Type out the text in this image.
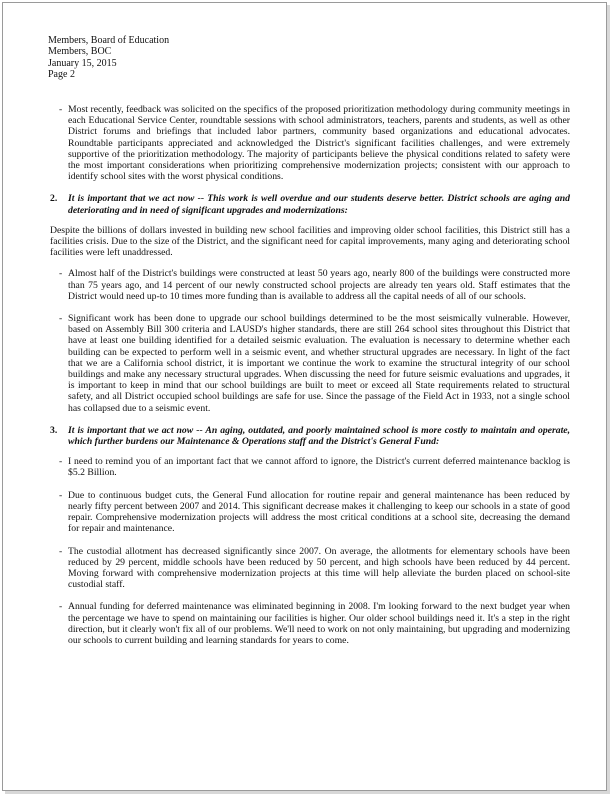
Members, Board of Education
Members, BOC
January 15, 2015
Page 2
- Most recently, feedback was solicited on the specifics of the proposed prioritization methodology during community meetings in each Educational Service Center, roundtable sessions with school administrators, teachers, parents and students, as well as other District forums and briefings that included labor partners, community based organizations and educational advocates. Roundtable participants appreciated and acknowledged the District's significant facilities challenges, and were extremely supportive of the prioritization methodology. The majority of participants believe the physical conditions related to safety were the most important considerations when prioritizing comprehensive modernization projects; consistent with our approach to identify school sites with the worst physical conditions.
2. It is important that we act now -- This work is well overdue and our students deserve better. District schools are aging and deteriorating and in need of significant upgrades and modernizations:
Despite the billions of dollars invested in building new school facilities and improving older school facilities, this District still has a facilities crisis. Due to the size of the District, and the significant need for capital improvements, many aging and deteriorating school facilities were left unaddressed.
- Almost half of the District's buildings were constructed at least 50 years ago, nearly 800 of the buildings were constructed more than 75 years ago, and 14 percent of our newly constructed school projects are already ten years old. Staff estimates that the District would need up-to 10 times more funding than is available to address all the capital needs of all of our schools.
- Significant work has been done to upgrade our school buildings determined to be the most seismically vulnerable. However, based on Assembly Bill 300 criteria and LAUSD's higher standards, there are still 264 school sites throughout this District that have at least one building identified for a detailed seismic evaluation. The evaluation is necessary to determine whether each building can be expected to perform well in a seismic event, and whether structural upgrades are necessary. In light of the fact that we are a California school district, it is important we continue the work to examine the structural integrity of our school buildings and make any necessary structural upgrades. When discussing the need for future seismic evaluations and upgrades, it is important to keep in mind that our school buildings are built to meet or exceed all State requirements related to structural safety, and all District occupied school buildings are safe for use. Since the passage of the Field Act in 1933, not a single school has collapsed due to a seismic event.
3. It is important that we act now -- An aging, outdated, and poorly maintained school is more costly to maintain and operate, which further burdens our Maintenance & Operations staff and the District's General Fund:
- I need to remind you of an important fact that we cannot afford to ignore, the District's current deferred maintenance backlog is $5.2 Billion.
- Due to continuous budget cuts, the General Fund allocation for routine repair and general maintenance has been reduced by nearly fifty percent between 2007 and 2014. This significant decrease makes it challenging to keep our schools in a state of good repair. Comprehensive modernization projects will address the most critical conditions at a school site, decreasing the demand for repair and maintenance.
- The custodial allotment has decreased significantly since 2007. On average, the allotments for elementary schools have been reduced by 29 percent, middle schools have been reduced by 50 percent, and high schools have been reduced by 44 percent. Moving forward with comprehensive modernization projects at this time will help alleviate the burden placed on school-site custodial staff.
- Annual funding for deferred maintenance was eliminated beginning in 2008. I'm looking forward to the next budget year when the percentage we have to spend on maintaining our facilities is higher. Our older school buildings need it. It's a step in the right direction, but it clearly won't fix all of our problems. We'll need to work on not only maintaining, but upgrading and modernizing our schools to current building and learning standards for years to come.
